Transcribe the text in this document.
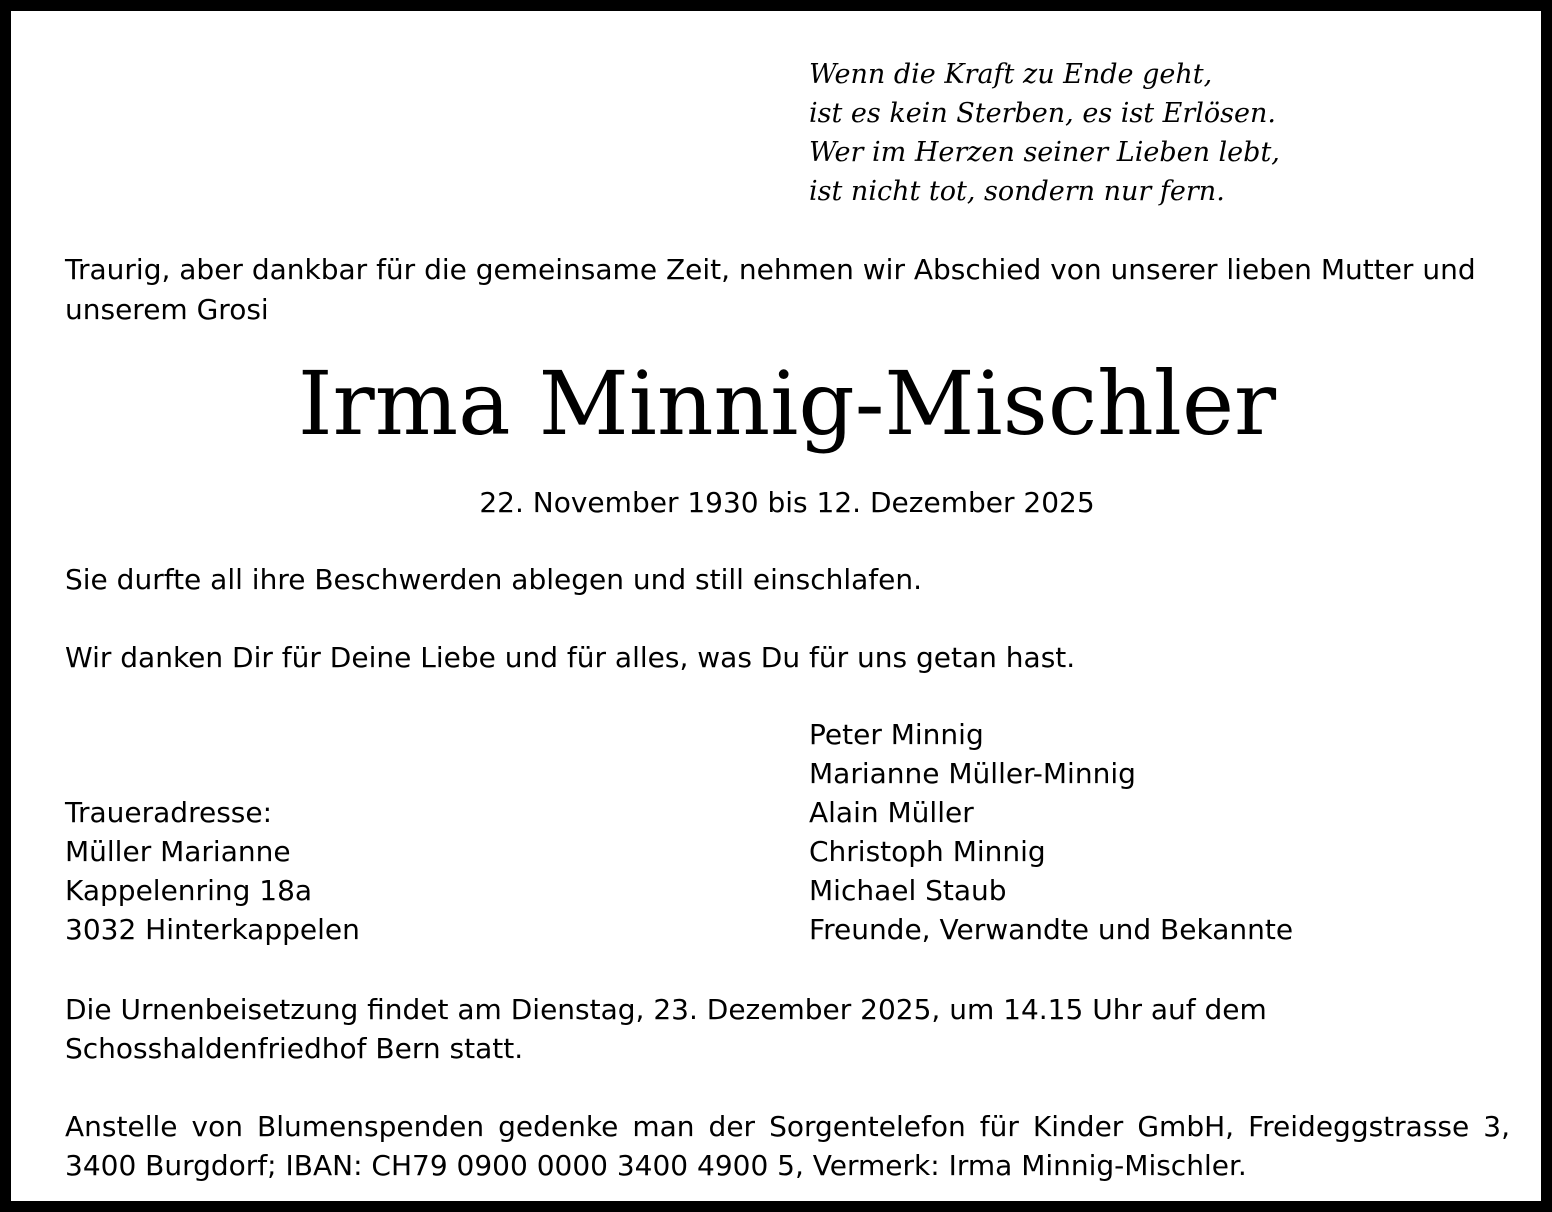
Wenn die Kraft zu Ende geht,
ist es kein Sterben, es ist Erlösen.
Wer im Herzen seiner Lieben lebt,
ist nicht tot, sondern nur fern.

Traurig, aber dankbar für die gemeinsame Zeit, nehmen wir Abschied von unserer lieben Mutter und unserem Grosi

Irma Minnig-Mischler

22. November 1930 bis 12. Dezember 2025

Sie durfte all ihre Beschwerden ablegen und still einschlafen.

Wir danken Dir für Deine Liebe und für alles, was Du für uns getan hast.

Traueradresse:
Müller Marianne
Kappelenring 18a
3032 Hinterkappelen
Peter Minnig
Marianne Müller-Minnig
Alain Müller
Christoph Minnig
Michael Staub
Freunde, Verwandte und Bekannte

Die Urnenbeisetzung findet am Dienstag, 23. Dezember 2025, um 14.15 Uhr auf dem Schosshaldenfriedhof Bern statt.

Anstelle von Blumenspenden gedenke man der Sorgentelefon für Kinder GmbH, Freideggstrasse 3, 3400 Burgdorf; IBAN: CH79 0900 0000 3400 4900 5, Vermerk: Irma Minnig-Mischler.
